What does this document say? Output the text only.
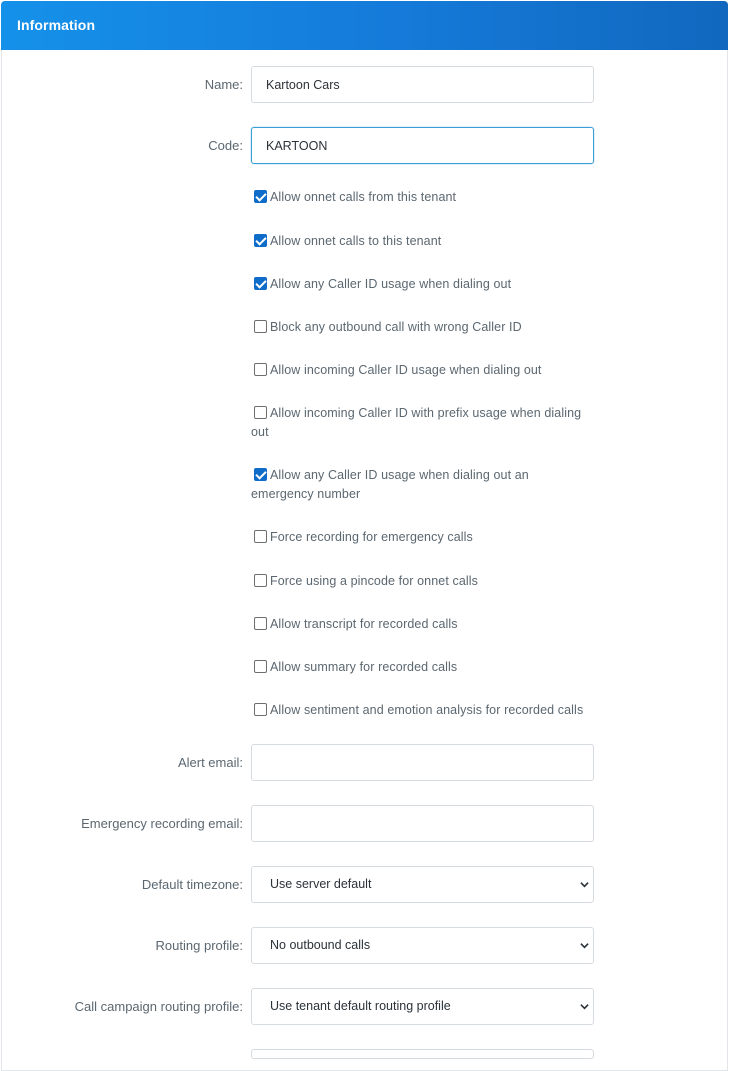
Information
Name:
Kartoon Cars
Code:
KARTOON
Allow onnet calls from this tenant
Allow onnet calls to this tenant
Allow any Caller ID usage when dialing out
Block any outbound call with wrong Caller ID
Allow incoming Caller ID usage when dialing out
Allow incoming Caller ID with prefix usage when dialing out
Allow any Caller ID usage when dialing out an emergency number
Force recording for emergency calls
Force using a pincode for onnet calls
Allow transcript for recorded calls
Allow summary for recorded calls
Allow sentiment and emotion analysis for recorded calls
Alert email:
Emergency recording email:
Default timezone:	Use server default
Routing profile:	No outbound calls
Call campaign routing profile:	Use tenant default routing profile
